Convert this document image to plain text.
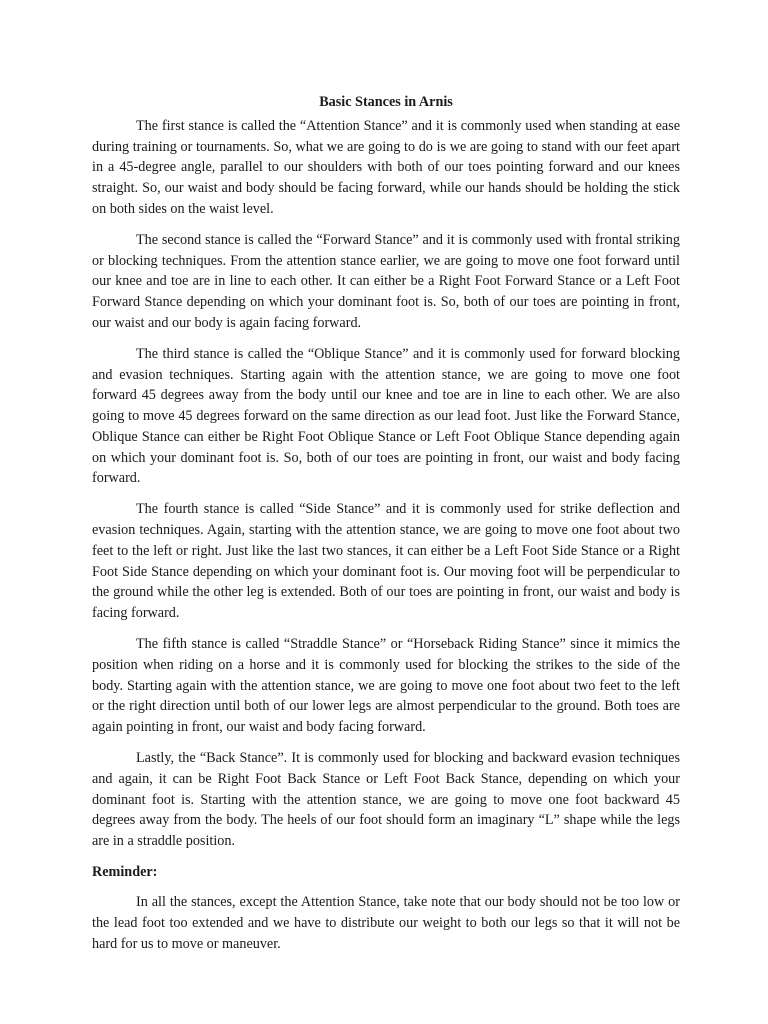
Basic Stances in Arnis

The first stance is called the “Attention Stance” and it is commonly used when standing at ease during training or tournaments. So, what we are going to do is we are going to stand with our feet apart in a 45-degree angle, parallel to our shoulders with both of our toes pointing forward and our knees straight. So, our waist and body should be facing forward, while our hands should be holding the stick on both sides on the waist level.

The second stance is called the “Forward Stance” and it is commonly used with frontal striking or blocking techniques. From the attention stance earlier, we are going to move one foot forward until our knee and toe are in line to each other. It can either be a Right Foot Forward Stance or a Left Foot Forward Stance depending on which your dominant foot is. So, both of our toes are pointing in front, our waist and our body is again facing forward.

The third stance is called the “Oblique Stance” and it is commonly used for forward blocking and evasion techniques. Starting again with the attention stance, we are going to move one foot forward 45 degrees away from the body until our knee and toe are in line to each other. We are also going to move 45 degrees forward on the same direction as our lead foot. Just like the Forward Stance, Oblique Stance can either be Right Foot Oblique Stance or Left Foot Oblique Stance depending again on which your dominant foot is. So, both of our toes are pointing in front, our waist and body facing forward.

The fourth stance is called “Side Stance” and it is commonly used for strike deflection and evasion techniques. Again, starting with the attention stance, we are going to move one foot about two feet to the left or right. Just like the last two stances, it can either be a Left Foot Side Stance or a Right Foot Side Stance depending on which your dominant foot is. Our moving foot will be perpendicular to the ground while the other leg is extended. Both of our toes are pointing in front, our waist and body is facing forward.

The fifth stance is called “Straddle Stance” or “Horseback Riding Stance” since it mimics the position when riding on a horse and it is commonly used for blocking the strikes to the side of the body. Starting again with the attention stance, we are going to move one foot about two feet to the left or the right direction until both of our lower legs are almost perpendicular to the ground. Both toes are again pointing in front, our waist and body facing forward.

Lastly, the “Back Stance”. It is commonly used for blocking and backward evasion techniques and again, it can be Right Foot Back Stance or Left Foot Back Stance, depending on which your dominant foot is. Starting with the attention stance, we are going to move one foot backward 45 degrees away from the body. The heels of our foot should form an imaginary “L” shape while the legs are in a straddle position.

Reminder:

In all the stances, except the Attention Stance, take note that our body should not be too low or the lead foot too extended and we have to distribute our weight to both our legs so that it will not be hard for us to move or maneuver.
